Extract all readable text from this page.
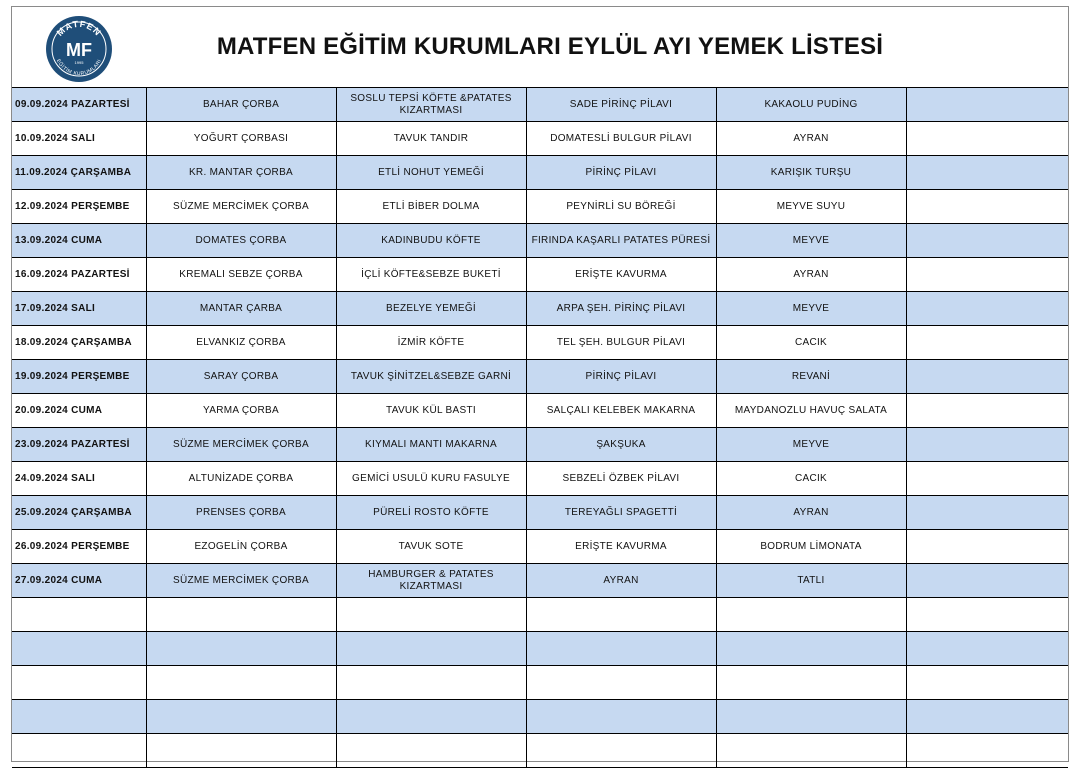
MATFEN
EĞİTİM KURUMLARI
MF
1995
MATFEN EĞİTİM KURUMLARI EYLÜL AYI YEMEK LİSTESİ
09.09.2024 PAZARTESİ	BAHAR ÇORBA	SOSLU TEPSİ KÖFTE &PATATES KIZARTMASI	SADE PİRİNÇ PİLAVI	KAKAOLU PUDİNG	
10.09.2024 SALI	YOĞURT ÇORBASI	TAVUK TANDIR	DOMATESLİ BULGUR PİLAVI	AYRAN	
11.09.2024 ÇARŞAMBA	KR. MANTAR ÇORBA	ETLİ NOHUT YEMEĞİ	PİRİNÇ PİLAVI	KARIŞIK TURŞU	
12.09.2024 PERŞEMBE	SÜZME MERCİMEK ÇORBA	ETLİ BİBER DOLMA	PEYNİRLİ SU BÖREĞİ	MEYVE SUYU	
13.09.2024 CUMA	DOMATES ÇORBA	KADINBUDU KÖFTE	FIRINDA KAŞARLI PATATES PÜRESİ	MEYVE	
16.09.2024 PAZARTESİ	KREMALI SEBZE ÇORBA	İÇLİ KÖFTE&SEBZE BUKETİ	ERİŞTE KAVURMA	AYRAN	
17.09.2024 SALI	MANTAR ÇARBA	BEZELYE YEMEĞİ	ARPA ŞEH. PİRİNÇ PİLAVI	MEYVE	
18.09.2024 ÇARŞAMBA	ELVANKIZ ÇORBA	İZMİR KÖFTE	TEL ŞEH. BULGUR PİLAVI	CACIK	
19.09.2024 PERŞEMBE	SARAY ÇORBA	TAVUK ŞİNİTZEL&SEBZE GARNİ	PİRİNÇ PİLAVI	REVANİ	
20.09.2024 CUMA	YARMA ÇORBA	TAVUK KÜL BASTI	SALÇALI KELEBEK MAKARNA	MAYDANOZLU HAVUÇ SALATA	
23.09.2024 PAZARTESİ	SÜZME MERCİMEK ÇORBA	KIYMALI MANTI MAKARNA	ŞAKŞUKA	MEYVE	
24.09.2024 SALI	ALTUNİZADE ÇORBA	GEMİCİ USULÜ KURU FASULYE	SEBZELİ ÖZBEK PİLAVI	CACIK	
25.09.2024 ÇARŞAMBA	PRENSES ÇORBA	PÜRELİ ROSTO KÖFTE	TEREYAĞLI SPAGETTİ	AYRAN	
26.09.2024 PERŞEMBE	EZOGELİN ÇORBA	TAVUK SOTE	ERİŞTE KAVURMA	BODRUM LİMONATA	
27.09.2024 CUMA	SÜZME MERCİMEK ÇORBA	HAMBURGER & PATATES KIZARTMASI	AYRAN	TATLI	
